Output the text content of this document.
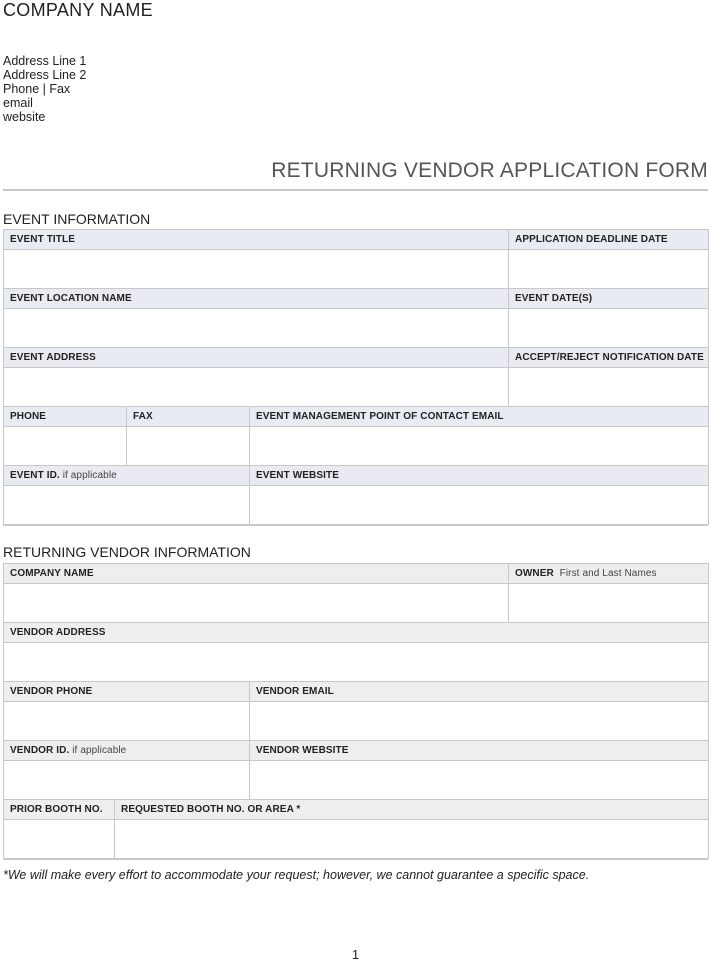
COMPANY NAME
Address Line 1
Address Line 2
Phone | Fax
email
website
RETURNING VENDOR APPLICATION FORM
EVENT INFORMATION
EVENT TITLE			APPLICATION DEADLINE DATE

EVENT LOCATION NAME			EVENT DATE(S)

EVENT ADDRESS			ACCEPT/REJECT NOTIFICATION DATE

PHONE	FAX	EVENT MANAGEMENT POINT OF CONTACT EMAIL	

EVENT ID. if applicable		EVENT WEBSITE	

RETURNING VENDOR INFORMATION
COMPANY NAME			OWNER First and Last Names

VENDOR ADDRESS			

VENDOR PHONE		VENDOR EMAIL	

VENDOR ID. if applicable		VENDOR WEBSITE	

PRIOR BOOTH NO.	REQUESTED BOOTH NO. OR AREA *		

*We will make every effort to accommodate your request; however, we cannot guarantee a specific space.
1
